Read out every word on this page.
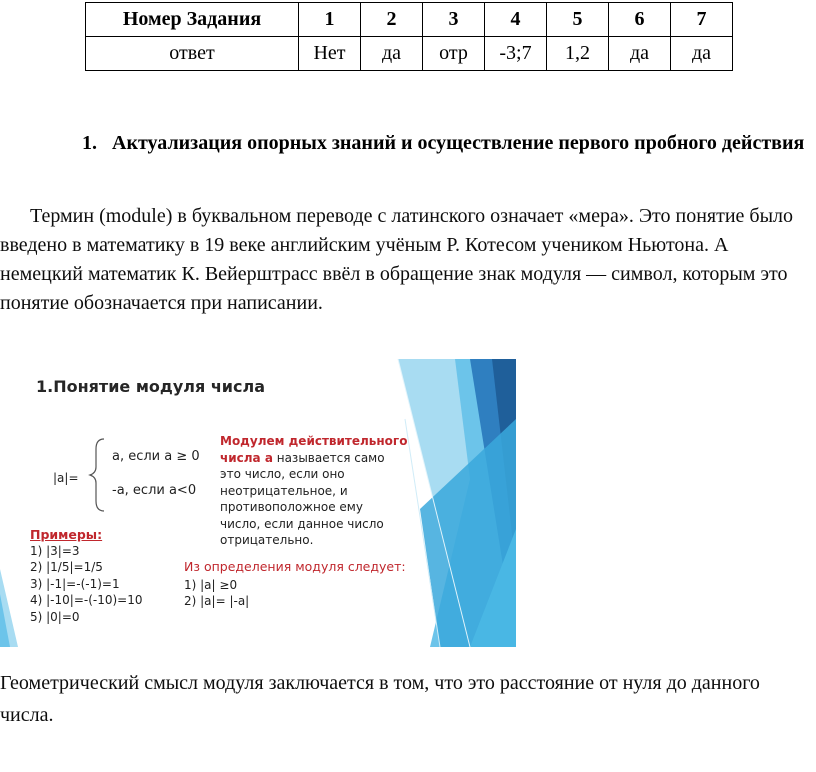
Номер Задания	1	2	3	4	5	6	7
ответ	Нет	да	отр	-3;7	1,2	да	да
1. Актуализация опорных знаний и осуществление первого пробного действия
Термин (module) в буквальном переводе с латинского означает «мера». Это понятие было введено в математику в 19 веке английским учёным Р. Котесом учеником Ньютона. А немецкий математик К. Вейерштрасс ввёл в обращение знак модуля — символ, которым это понятие обозначается при написании.
1.Понятие модуля числа
|a|=
a, если a ≥ 0
-a, если a<0
Модулем действительного
числа a называется само
это число, если оно
неотрицательное, и
противоположное ему
число, если данное число
отрицательно.
Примеры:
1) |3|=3
2) |1/5|=1/5
3) |-1|=-(-1)=1
4) |-10|=-(-10)=10
5) |0|=0
Из определения модуля следует:
1) |a| ≥0
2) |a|= |-a|
Геометрический смысл модуля заключается в том, что это расстояние от нуля до данного числа.
